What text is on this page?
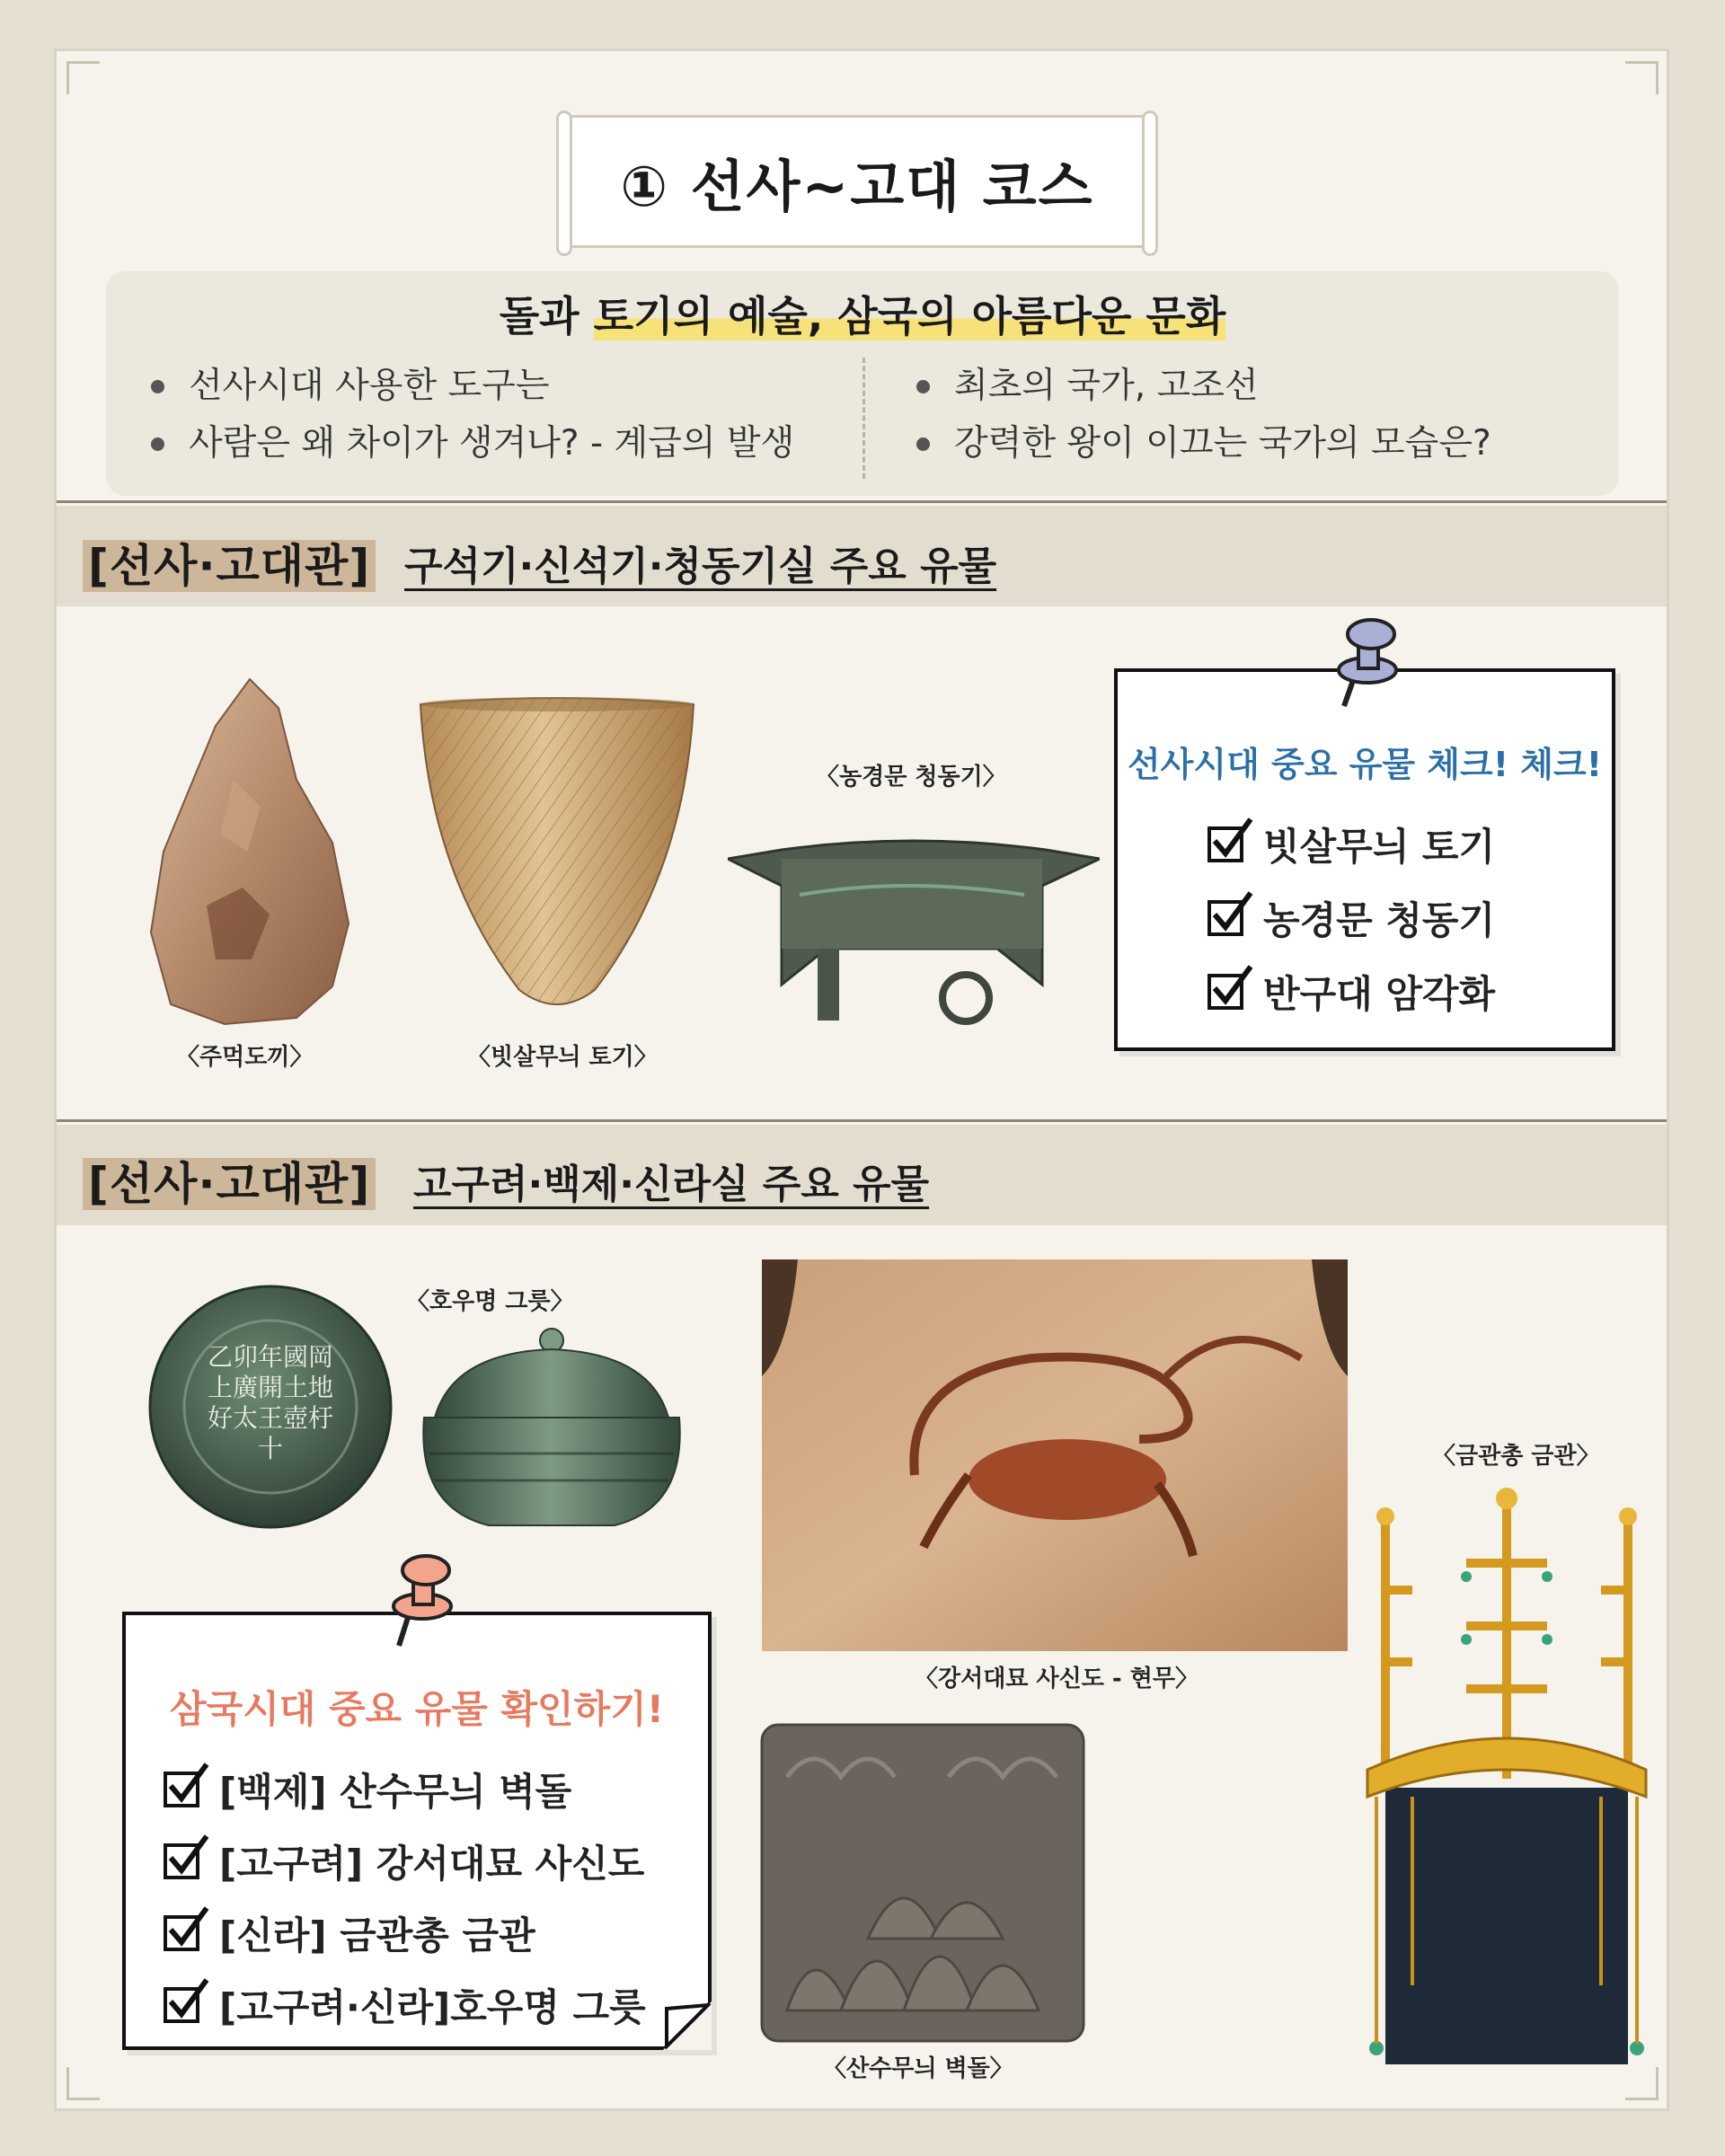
① 선사~고대 코스
돌과 토기의 예술, 삼국의 아름다운 문화
선사시대 사용한 도구는
사람은 왜 차이가 생겨나? - 계급의 발생
최초의 국가, 고조선
강력한 왕이 이끄는 국가의 모습은?
[선사·고대관] 구석기·신석기·청동기실 주요 유물
〈주먹도끼〉	〈빗살무늬 토기〉
〈농경문 청동기〉	선사시대 중요 유물 체크! 체크!
빗살무늬 토기
농경문 청동기
반구대 암각화
[선사·고대관] 고구려·백제·신라실 주요 유물
〈호우명 그릇〉
乙卯年國岡上廣開土地好太王壺杅十
〈강서대묘 사신도 - 현무〉
〈산수무늬 벽돌〉
〈금관총 금관〉
삼국시대 중요 유물 확인하기!
[백제] 산수무늬 벽돌
[고구려] 강서대묘 사신도
[신라] 금관총 금관
[고구려·신라]호우명 그릇
